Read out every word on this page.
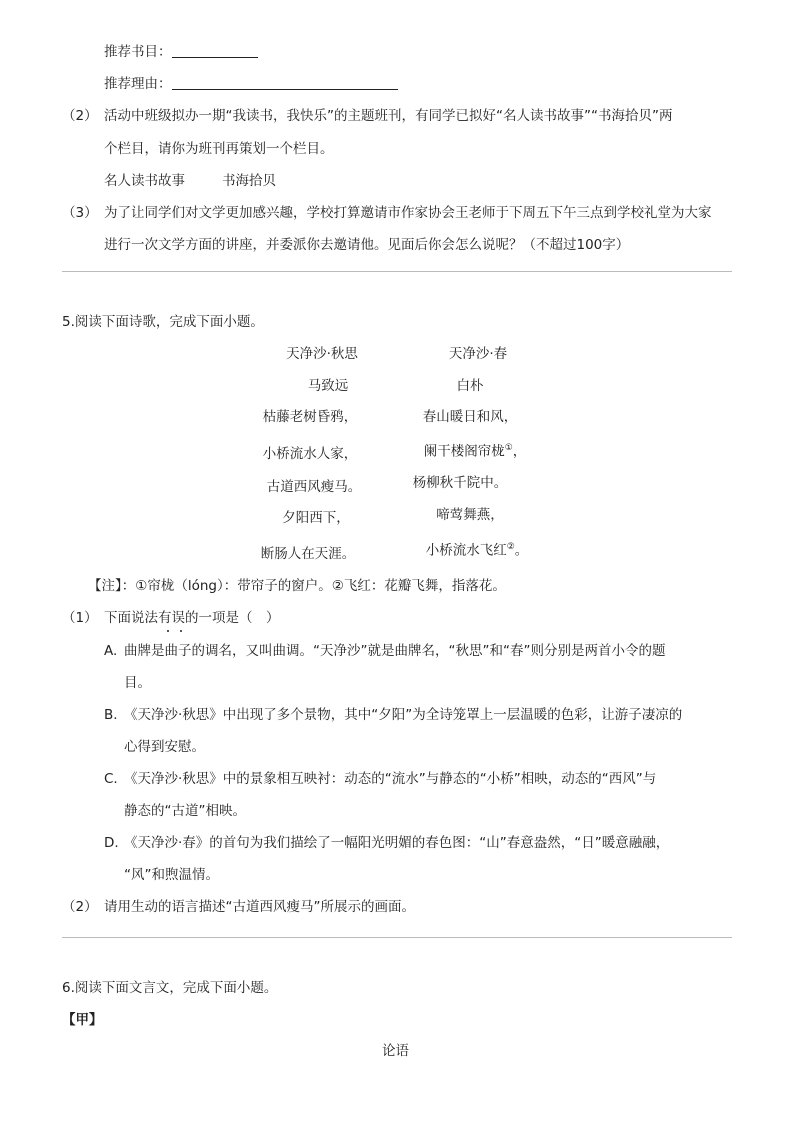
推荐书目：
推荐理由：
（2） 活动中班级拟办一期“我读书，我快乐”的主题班刊，有同学已拟好“名人读书故事”“书海拾贝”两
个栏目，请你为班刊再策划一个栏目。
名人读书故事	书海拾贝
（3） 为了让同学们对文学更加感兴趣，学校打算邀请市作家协会王老师于下周五下午三点到学校礼堂为大家
进行一次文学方面的讲座，并委派你去邀请他。见面后你会怎么说呢？（不超过100字）
5.阅读下面诗歌，完成下面小题。
天净沙·秋思	天净沙·春
马致远	白朴
枯藤老树昏鸦，	春山暖日和风，
小桥流水人家，	阑干楼阁帘栊①，
古道西风瘦马。	杨柳秋千院中。
夕阳西下，	啼莺舞燕，
断肠人在天涯。	小桥流水飞红②。
【注】：①帘栊（lóng）：带帘子的窗户。②飞红：花瓣飞舞，指落花。
（1） 下面说法有误的一项是（　）
A. 曲牌是曲子的调名，又叫曲调。“天净沙”就是曲牌名，“秋思”和“春”则分别是两首小令的题
目。
B. 《天净沙·秋思》中出现了多个景物，其中“夕阳”为全诗笼罩上一层温暖的色彩，让游子凄凉的
心得到安慰。
C. 《天净沙·秋思》中的景象相互映衬：动态的“流水”与静态的“小桥”相映，动态的“西风”与
静态的“古道”相映。
D. 《天净沙·春》的首句为我们描绘了一幅阳光明媚的春色图：“山”春意盎然，“日”暖意融融，
“风”和煦温情。
（2） 请用生动的语言描述“古道西风瘦马”所展示的画面。
6.阅读下面文言文，完成下面小题。
【甲】
论语
